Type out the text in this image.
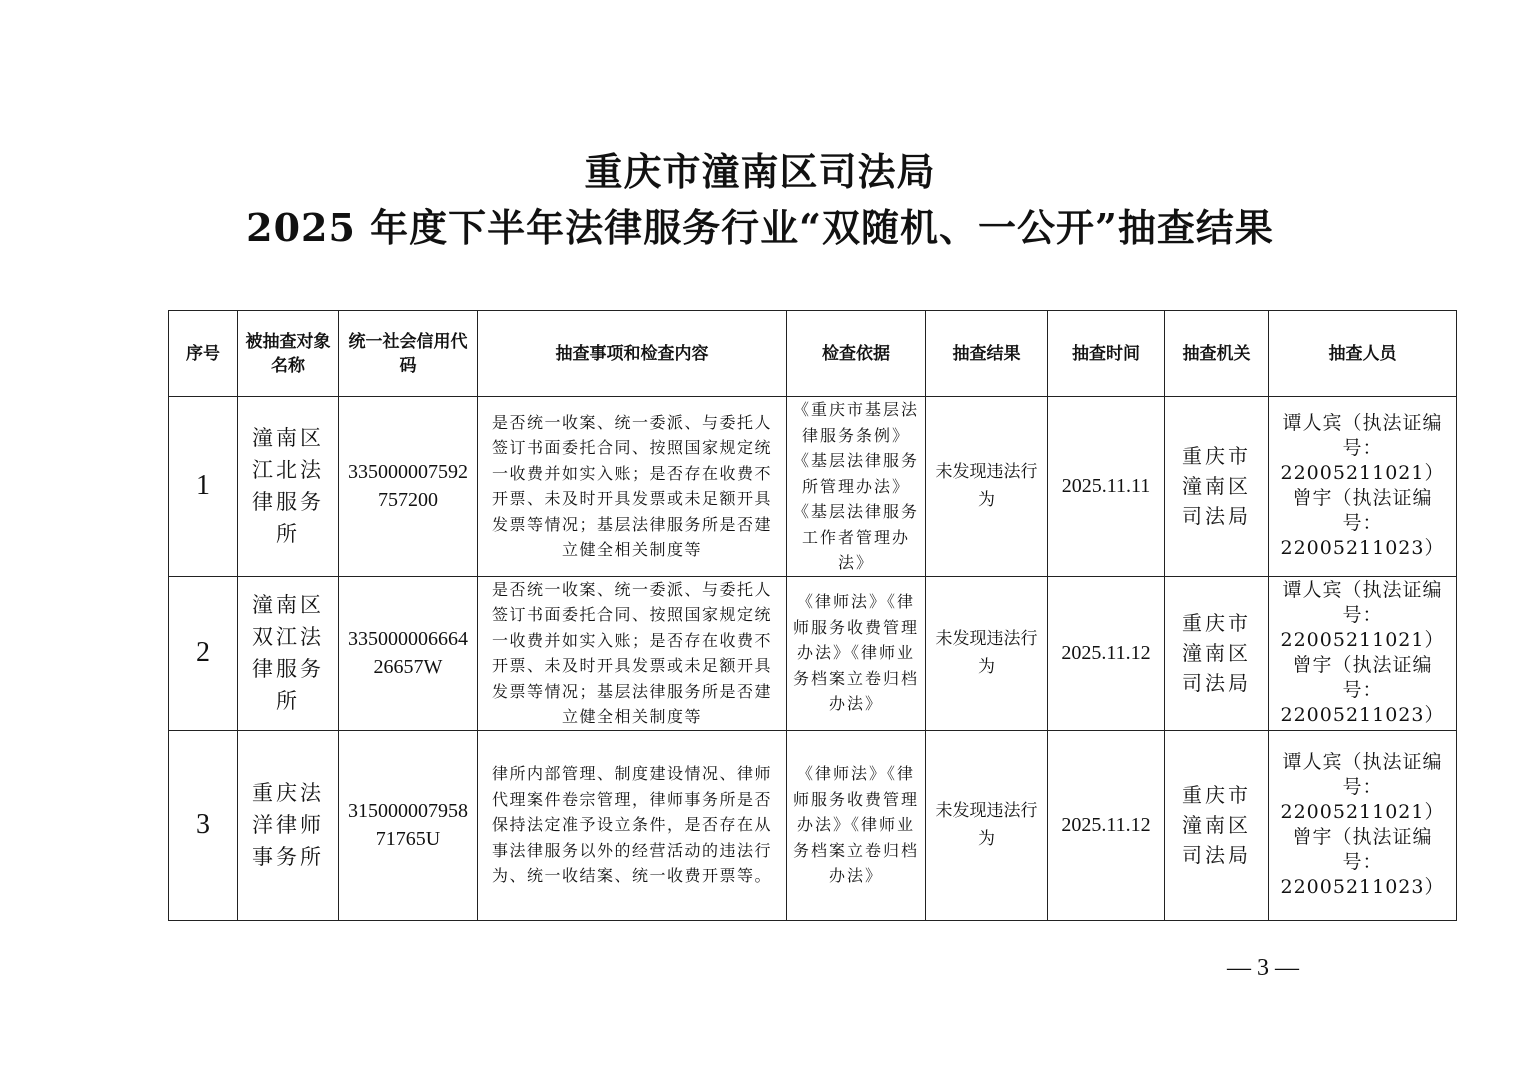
重庆市潼南区司法局
2025 年度下半年法律服务行业“双随机、一公开”抽查结果
序号	被抽查对象名称	统一社会信用代码	抽查事项和检查内容	检查依据	抽查结果	抽查时间	抽查机关	抽查人员
1	潼南区江北法律服务所	335000007592757200	是否统一收案、统一委派、与委托人签订书面委托合同、按照国家规定统一收费并如实入账；是否存在收费不开票、未及时开具发票或未足额开具发票等情况；基层法律服务所是否建立健全相关制度等	《重庆市基层法律服务条例》《基层法律服务所管理办法》《基层法律服务工作者管理办法》	未发现违法行为	2025.11.11	重庆市潼南区司法局	谭人宾（执法证编号：22005211021）曾宇（执法证编号：22005211023）
2	潼南区双江法律服务所	33500000666426657W	是否统一收案、统一委派、与委托人签订书面委托合同、按照国家规定统一收费并如实入账；是否存在收费不开票、未及时开具发票或未足额开具发票等情况；基层法律服务所是否建立健全相关制度等	《律师法》《律师服务收费管理办法》《律师业务档案立卷归档办法》	未发现违法行为	2025.11.12	重庆市潼南区司法局	谭人宾（执法证编号：22005211021）曾宇（执法证编号：22005211023）
3	重庆法洋律师事务所	31500000795871765U	律所内部管理、制度建设情况、律师代理案件卷宗管理，律师事务所是否保持法定准予设立条件，是否存在从事法律服务以外的经营活动的违法行为、统一收结案、统一收费开票等。	《律师法》《律师服务收费管理办法》《律师业务档案立卷归档办法》	未发现违法行为	2025.11.12	重庆市潼南区司法局	谭人宾（执法证编号：22005211021）曾宇（执法证编号：22005211023）
— 3 —
